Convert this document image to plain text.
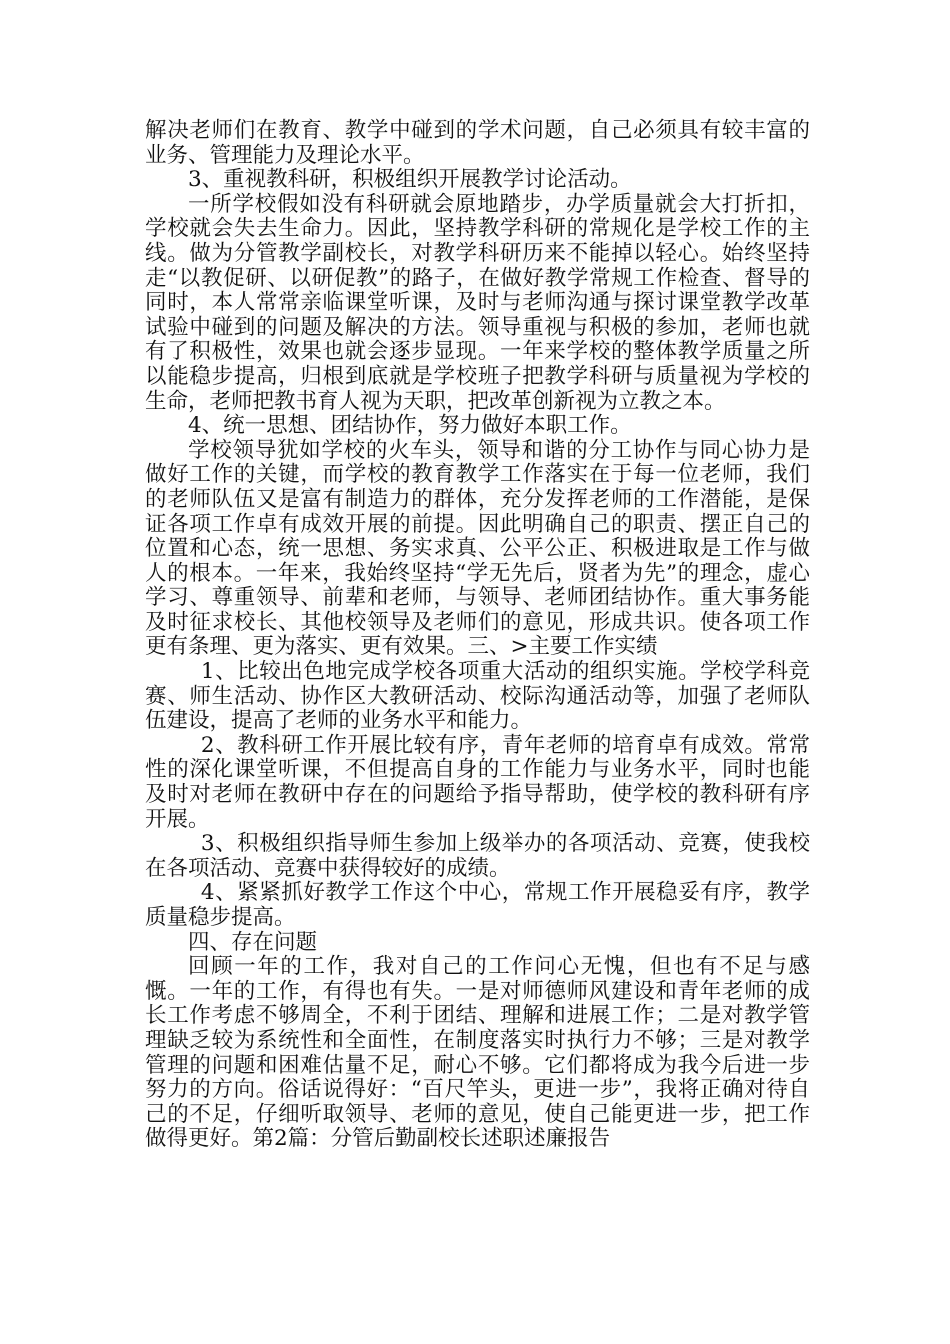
解决老师们在教育、教学中碰到的学术问题，自己必须具有较丰富的业务、管理能力及理论水平。

3、重视教科研，积极组织开展教学讨论活动。

一所学校假如没有科研就会原地踏步，办学质量就会大打折扣，学校就会失去生命力。因此，坚持教学科研的常规化是学校工作的主线。做为分管教学副校长，对教学科研历来不能掉以轻心。始终坚持走“以教促研、以研促教”的路子，在做好教学常规工作检查、督导的同时，本人常常亲临课堂听课，及时与老师沟通与探讨课堂教学改革试验中碰到的问题及解决的方法。领导重视与积极的参加，老师也就有了积极性，效果也就会逐步显现。一年来学校的整体教学质量之所以能稳步提高，归根到底就是学校班子把教学科研与质量视为学校的生命，老师把教书育人视为天职，把改革创新视为立教之本。

4、统一思想、团结协作，努力做好本职工作。

学校领导犹如学校的火车头，领导和谐的分工协作与同心协力是做好工作的关键，而学校的教育教学工作落实在于每一位老师，我们的老师队伍又是富有制造力的群体，充分发挥老师的工作潜能，是保证各项工作卓有成效开展的前提。因此明确自己的职责、摆正自己的位置和心态，统一思想、务实求真、公平公正、积极进取是工作与做人的根本。一年来，我始终坚持“学无先后，贤者为先”的理念，虚心学习、尊重领导、前辈和老师，与领导、老师团结协作。重大事务能及时征求校长、其他校领导及老师们的意见，形成共识。使各项工作更有条理、更为落实、更有效果。三、>主要工作实绩

1、比较出色地完成学校各项重大活动的组织实施。学校学科竞赛、师生活动、协作区大教研活动、校际沟通活动等，加强了老师队伍建设，提高了老师的业务水平和能力。

2、教科研工作开展比较有序，青年老师的培育卓有成效。常常性的深化课堂听课，不但提高自身的工作能力与业务水平，同时也能及时对老师在教研中存在的问题给予指导帮助，使学校的教科研有序开展。

3、积极组织指导师生参加上级举办的各项活动、竞赛，使我校在各项活动、竞赛中获得较好的成绩。

4、紧紧抓好教学工作这个中心，常规工作开展稳妥有序，教学质量稳步提高。

四、存在问题

回顾一年的工作，我对自己的工作问心无愧，但也有不足与感慨。一年的工作，有得也有失。一是对师德师风建设和青年老师的成长工作考虑不够周全，不利于团结、理解和进展工作；二是对教学管理缺乏较为系统性和全面性，在制度落实时执行力不够；三是对教学管理的问题和困难估量不足，耐心不够。它们都将成为我今后进一步努力的方向。俗话说得好：“百尺竿头，更进一步”，我将正确对待自己的不足，仔细听取领导、老师的意见，使自己能更进一步，把工作做得更好。第2篇：分管后勤副校长述职述廉报告
